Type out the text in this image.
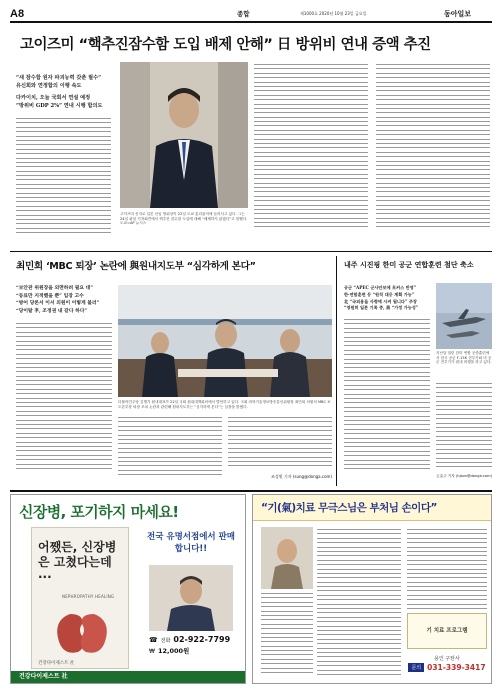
A8	종합	제1000호 2020년 10월 23일 금요일	동아일보
고이즈미 “핵추진잠수함 도입 배제 안해” 日 방위비 연내 증액 추진
“새 잠수함 원자 파괴능력 갖춘 필수”
유신회와 연정합의 이행 속도
다카이치, 오늘 국회서 연설 예정
“방위비 GDP 2%” 연내 시행 합의도
고이즈미 신지로 일본 신임 방위상이 22일 도쿄 총리관저에 들어서고 있다. 그는 24일 취임 기자회견에서 핵추진 잠수함 도입에 대해 “배제하지 않겠다”고 말했다. 도쿄=AP 뉴시스
최민희 ‘MBC 퇴장’ 논란에 與원내지도부 “심각하게 본다”
“보안관 위원장을 외면하려 필요 대”
“동료만 지적했을 뿐” 입장 고수
“방어 당론서 이서 의원이 이렇게 불러”
“당이탈 후, 조정권 내 같다 하다”
더불어민주당 김병기 원내대표가 22일 국회 원내대책회의에서 발언하고 있다. 국회 과학기술정보방송통신위원장 최민희 의원의 MBC 보도본부장 퇴장 조치 논란과 관련해 원내지도부는 “심각하게 본다”는 입장을 밝혔다.
조성원 기자 (sung@donga.com)
내주 시진핑 한미 공군 연합훈련 첨단 축소
공군 “APEC 군사안보에 포커스 반영”
한·연합훈련 등 “원칙 대응 계획 가능”
北 “국외용을 사령에 시켜 됩니다” 주장
“영원히 일본 기록 중, 美 “가정 가능성”
지난달 열린 한미 연합 공중훈련에서 한국 공군 F-15K 전투기와 미 공군 전투기가 편대 비행을 하고 있다.
손효주 기자 (hjson@donga.com)
신장병, 포기하지 마세요!
어쨌든, 신장병은 고쳤다는데···
NEPHROPATHY HEALING
건강다이제스트 社
전국 유명서점에서 판매합니다!!
☎ 전화 02-922-7799
₩ 12,000원
건강다이제스트 社
“기(氣)치료 무극스님은 부처님 손이다”
기 치료 프로그램
용인 구탄사
문의 031-339-3417
